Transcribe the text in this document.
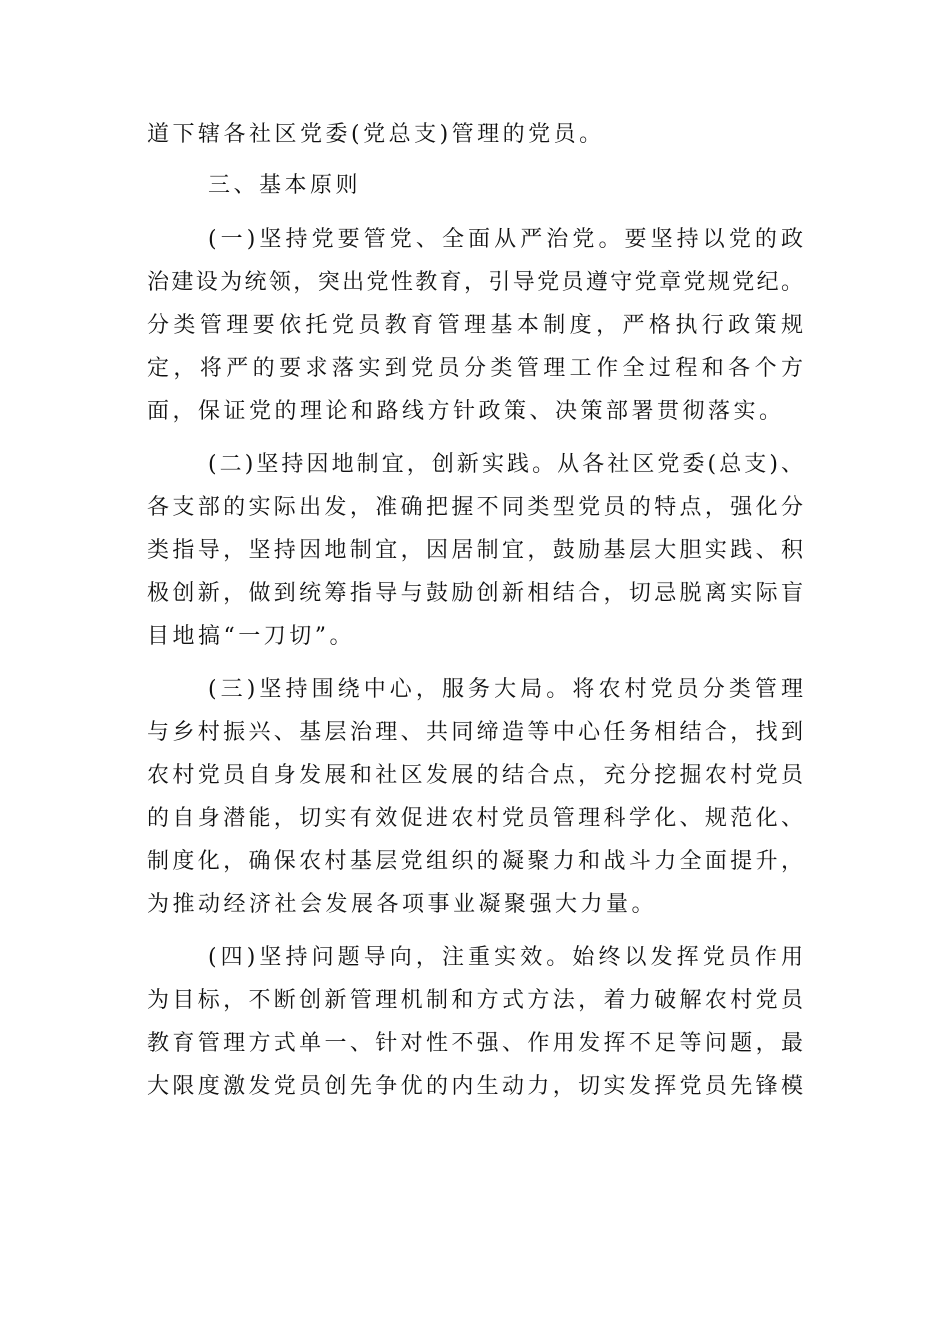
道下辖各社区党委(党总支)管理的党员。
三、基本原则
(一)坚持党要管党、全面从严治党。要坚持以党的政
治建设为统领，突出党性教育，引导党员遵守党章党规党纪。
分类管理要依托党员教育管理基本制度，严格执行政策规
定，将严的要求落实到党员分类管理工作全过程和各个方
面，保证党的理论和路线方针政策、决策部署贯彻落实。
(二)坚持因地制宜，创新实践。从各社区党委(总支)、
各支部的实际出发，准确把握不同类型党员的特点，强化分
类指导，坚持因地制宜，因居制宜，鼓励基层大胆实践、积
极创新，做到统筹指导与鼓励创新相结合，切忌脱离实际盲
目地搞“一刀切”。
(三)坚持围绕中心，服务大局。将农村党员分类管理
与乡村振兴、基层治理、共同缔造等中心任务相结合，找到
农村党员自身发展和社区发展的结合点，充分挖掘农村党员
的自身潜能，切实有效促进农村党员管理科学化、规范化、
制度化，确保农村基层党组织的凝聚力和战斗力全面提升，
为推动经济社会发展各项事业凝聚强大力量。
(四)坚持问题导向，注重实效。始终以发挥党员作用
为目标，不断创新管理机制和方式方法，着力破解农村党员
教育管理方式单一、针对性不强、作用发挥不足等问题，最
大限度激发党员创先争优的内生动力，切实发挥党员先锋模
